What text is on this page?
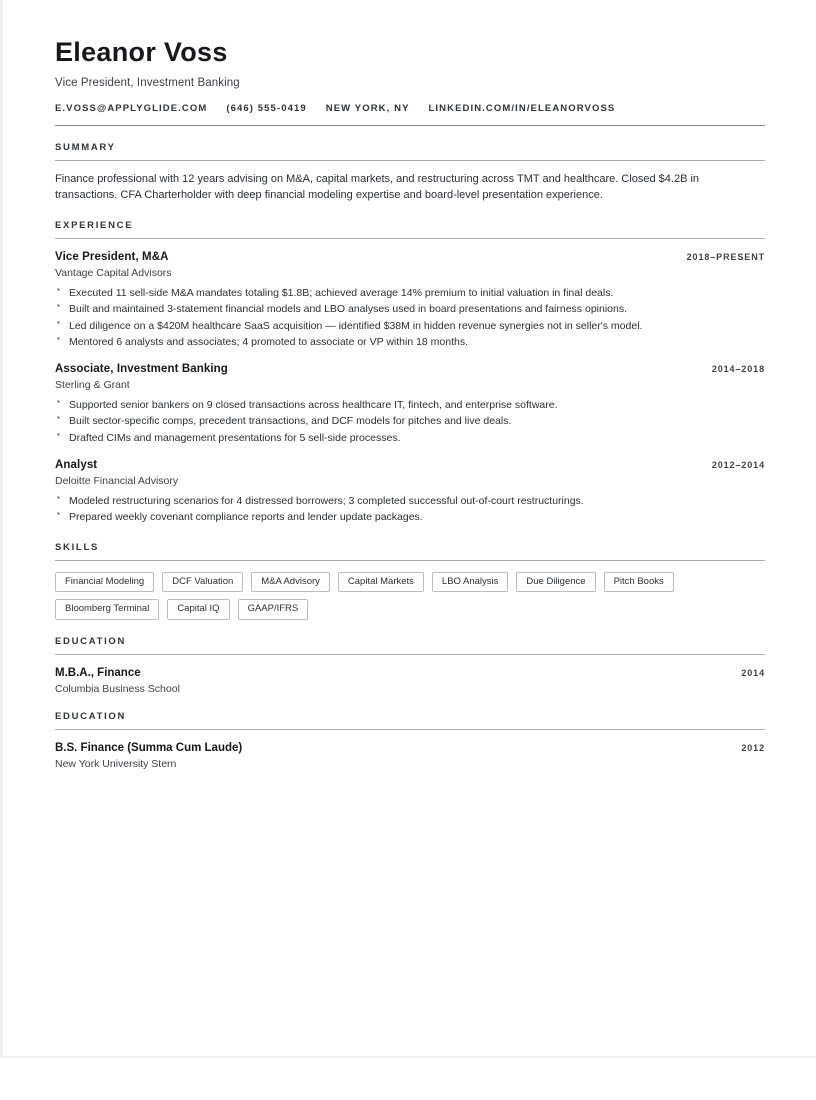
Eleanor Voss
Vice President, Investment Banking
E.VOSS@APPLYGLIDE.COM (646) 555-0419 NEW YORK, NY LINKEDIN.COM/IN/ELEANORVOSS
SUMMARY
Finance professional with 12 years advising on M&A, capital markets, and restructuring across TMT and healthcare. Closed $4.2B in transactions. CFA Charterholder with deep financial modeling expertise and board-level presentation experience.
EXPERIENCE
Vice President, M&A	2018–PRESENT
Vantage Capital Advisors
▪ Executed 11 sell-side M&A mandates totaling $1.8B; achieved average 14% premium to initial valuation in final deals.
▪ Built and maintained 3-statement financial models and LBO analyses used in board presentations and fairness opinions.
▪ Led diligence on a $420M healthcare SaaS acquisition — identified $38M in hidden revenue synergies not in seller's model.
▪ Mentored 6 analysts and associates; 4 promoted to associate or VP within 18 months.
Associate, Investment Banking	2014–2018
Sterling & Grant
▪ Supported senior bankers on 9 closed transactions across healthcare IT, fintech, and enterprise software.
▪ Built sector-specific comps, precedent transactions, and DCF models for pitches and live deals.
▪ Drafted CIMs and management presentations for 5 sell-side processes.
Analyst	2012–2014
Deloitte Financial Advisory
▪ Modeled restructuring scenarios for 4 distressed borrowers; 3 completed successful out-of-court restructurings.
▪ Prepared weekly covenant compliance reports and lender update packages.
SKILLS
Financial Modeling	DCF Valuation	M&A Advisory	Capital Markets	LBO Analysis	Due Diligence	Pitch Books
Bloomberg Terminal	Capital IQ	GAAP/IFRS
EDUCATION
M.B.A., Finance	2014
Columbia Business School
EDUCATION
B.S. Finance (Summa Cum Laude)	2012
New York University Stern
